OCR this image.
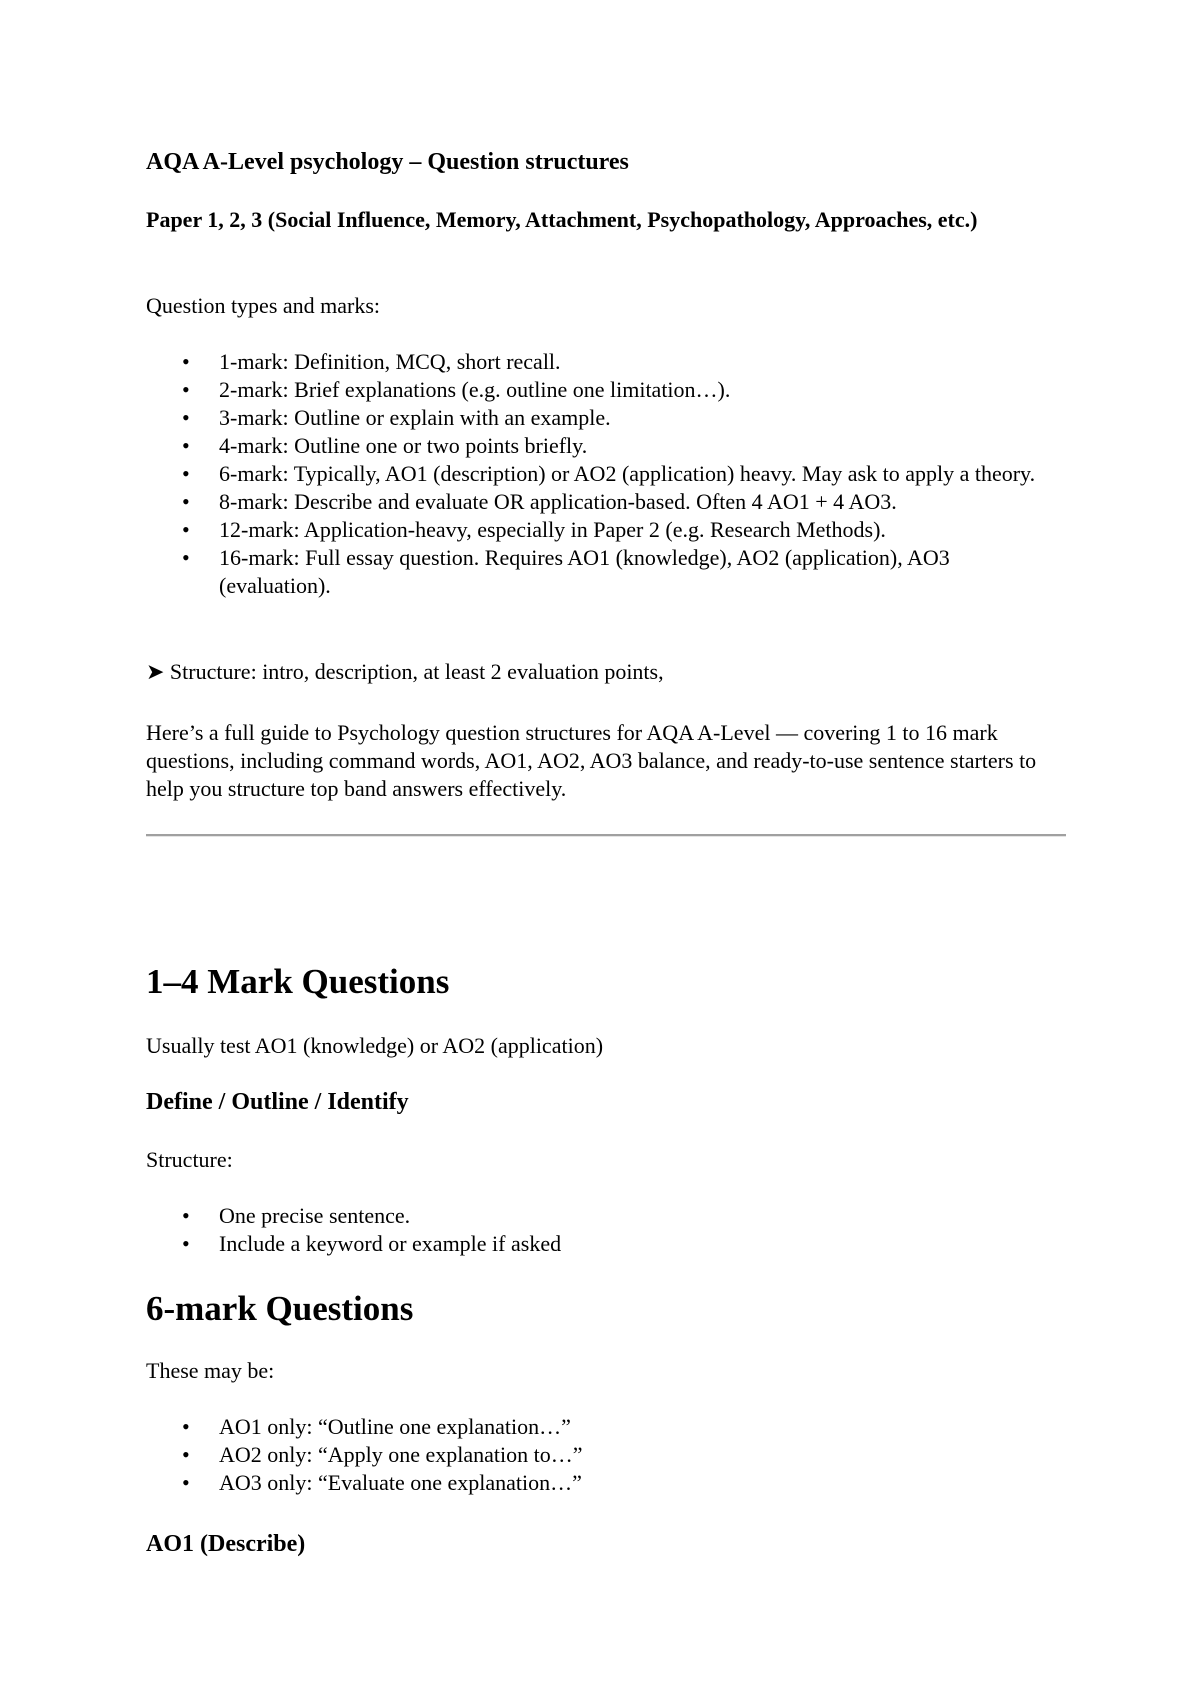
AQA A-Level psychology – Question structures

Paper 1, 2, 3 (Social Influence, Memory, Attachment, Psychopathology, Approaches, etc.)

Question types and marks:

• 1-mark: Definition, MCQ, short recall.
• 2-mark: Brief explanations (e.g. outline one limitation…).
• 3-mark: Outline or explain with an example.
• 4-mark: Outline one or two points briefly.
• 6-mark: Typically, AO1 (description) or AO2 (application) heavy. May ask to apply a theory.
• 8-mark: Describe and evaluate OR application-based. Often 4 AO1 + 4 AO3.
• 12-mark: Application-heavy, especially in Paper 2 (e.g. Research Methods).
• 16-mark: Full essay question. Requires AO1 (knowledge), AO2 (application), AO3 (evaluation).

➤ Structure: intro, description, at least 2 evaluation points,

Here’s a full guide to Psychology question structures for AQA A-Level — covering 1 to 16 mark questions, including command words, AO1, AO2, AO3 balance, and ready-to-use sentence starters to help you structure top band answers effectively.

1–4 Mark Questions

Usually test AO1 (knowledge) or AO2 (application)

Define / Outline / Identify

Structure:

• One precise sentence.
• Include a keyword or example if asked
6-mark Questions

These may be:

• AO1 only: “Outline one explanation…”
• AO2 only: “Apply one explanation to…”
• AO3 only: “Evaluate one explanation…”
AO1 (Describe)
